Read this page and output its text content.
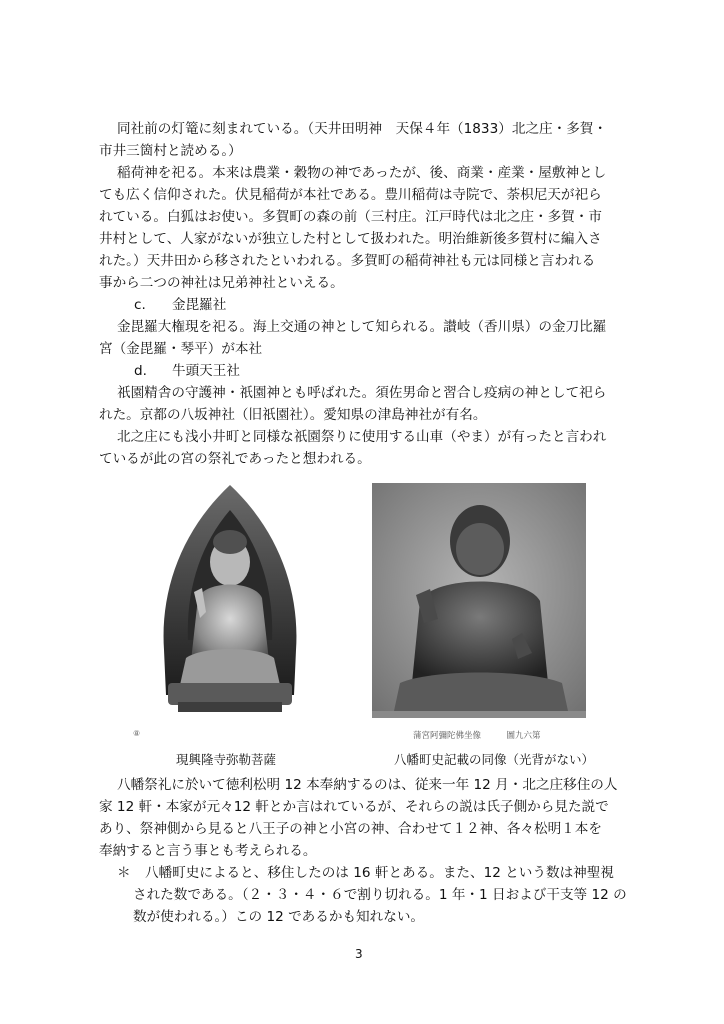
同社前の灯篭に刻まれている。（天井田明神　天保４年（1833）北之庄・多賀・
市井三箇村と読める。）
稲荷神を祀る。本来は農業・穀物の神であったが、後、商業・産業・屋敷神とし
ても広く信仰された。伏見稲荷が本社である。豊川稲荷は寺院で、荼枳尼天が祀ら
れている。白狐はお使い。多賀町の森の前（三村庄。江戸時代は北之庄・多賀・市
井村として、人家がないが独立した村として扱われた。明治維新後多賀村に編入さ
れた。）天井田から移されたといわれる。多賀町の稲荷神社も元は同様と言われる
事から二つの神社は兄弟神社といえる。
c. 金毘羅社
金毘羅大権現を祀る。海上交通の神として知られる。讃岐（香川県）の金刀比羅
宮（金毘羅・琴平）が本社
d. 牛頭天王社
祇園精舎の守護神・祇園神とも呼ばれた。須佐男命と習合し疫病の神として祀ら
れた。京都の八坂神社（旧祇園社）。愛知県の津島神社が有名。
北之庄にも浅小井町と同様な祇園祭りに使用する山車（やま）が有ったと言われ
ているが此の宮の祭礼であったと想われる。
⑧	蒲宮阿彌陀佛坐像　　　圖九六第
現興隆寺弥勒菩薩	八幡町史記載の同像（光背がない）
八幡祭礼に於いて徳利松明 12 本奉納するのは、従来一年 12 月・北之庄移住の人
家 12 軒・本家が元々12 軒とか言はれているが、それらの説は氏子側から見た説で
あり、祭神側から見ると八王子の神と小宮の神、合わせて１２神、各々松明１本を
奉納すると言う事とも考えられる。
＊ 八幡町史によると、移住したのは 16 軒とある。また、12 という数は神聖視
された数である。（２・３・４・６で割り切れる。1 年・1 日および干支等 12 の
数が使われる。）この 12 であるかも知れない。
3
